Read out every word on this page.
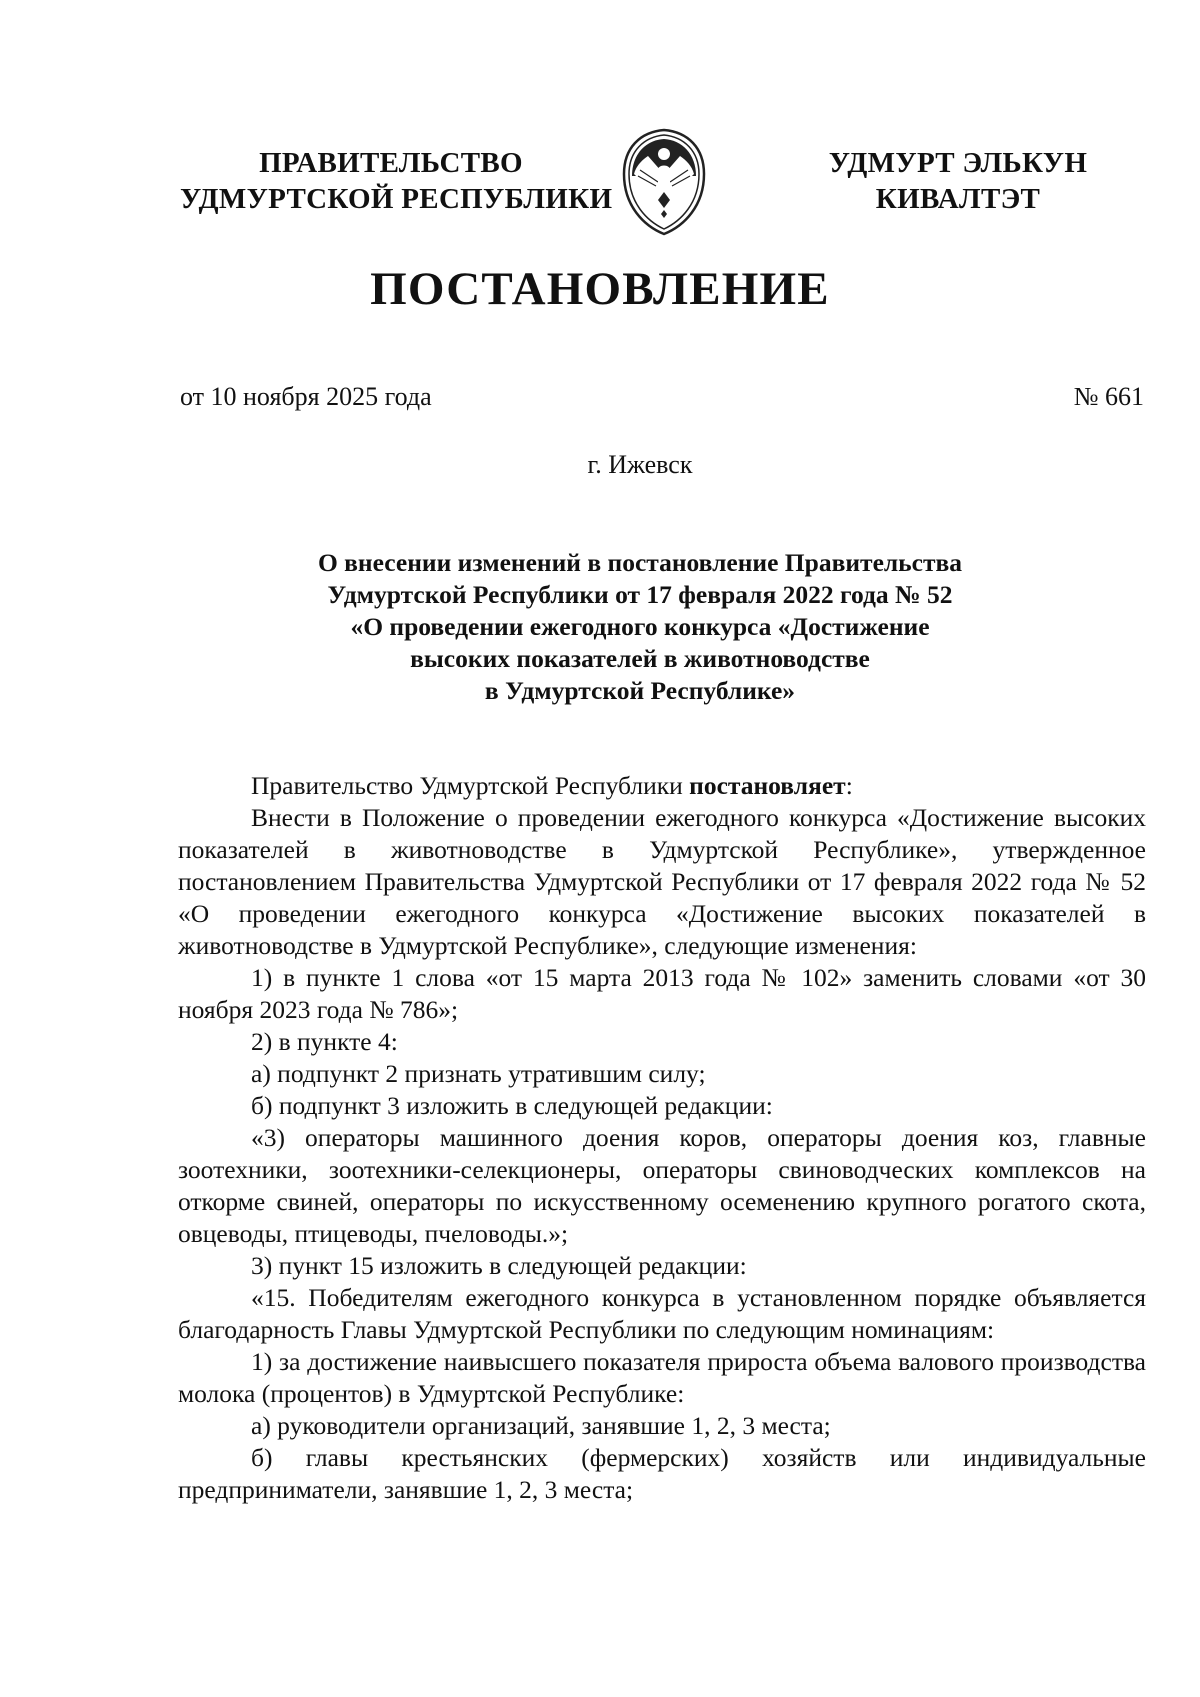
ПРАВИТЕЛЬСТВО
УДМУРТСКОЙ РЕСПУБЛИКИ
УДМУРТ ЭЛЬКУН
КИВАЛТЭТ
ПОСТАНОВЛЕНИЕ
от 10 ноября 2025 года	№ 661
г. Ижевск
О внесении изменений в постановление Правительства
Удмуртской Республики от 17 февраля 2022 года № 52
«О проведении ежегодного конкурса «Достижение
высоких показателей в животноводстве
в Удмуртской Республике»

Правительство Удмуртской Республики постановляет:

Внести в Положение о проведении ежегодного конкурса «Достижение высоких показателей в животноводстве в Удмуртской Республике», утвержденное постановлением Правительства Удмуртской Республики от 17 февраля 2022 года № 52 «О проведении ежегодного конкурса «Достижение высоких показателей в животноводстве в Удмуртской Республике», следующие изменения:

1) в пункте 1 слова «от 15 марта 2013 года № 102» заменить словами «от 30 ноября 2023 года № 786»;

2) в пункте 4:

а) подпункт 2 признать утратившим силу;

б) подпункт 3 изложить в следующей редакции:

«3) операторы машинного доения коров, операторы доения коз, главные зоотехники, зоотехники-селекционеры, операторы свиноводческих комплексов на откорме свиней, операторы по искусственному осеменению крупного рогатого скота, овцеводы, птицеводы, пчеловоды.»;

3) пункт 15 изложить в следующей редакции:

«15. Победителям ежегодного конкурса в установленном порядке объявляется благодарность Главы Удмуртской Республики по следующим номинациям:

1) за достижение наивысшего показателя прироста объема валового производства молока (процентов) в Удмуртской Республике:

а) руководители организаций, занявшие 1, 2, 3 места;

б) главы крестьянских (фермерских) хозяйств или индивидуальные предприниматели, занявшие 1, 2, 3 места;
